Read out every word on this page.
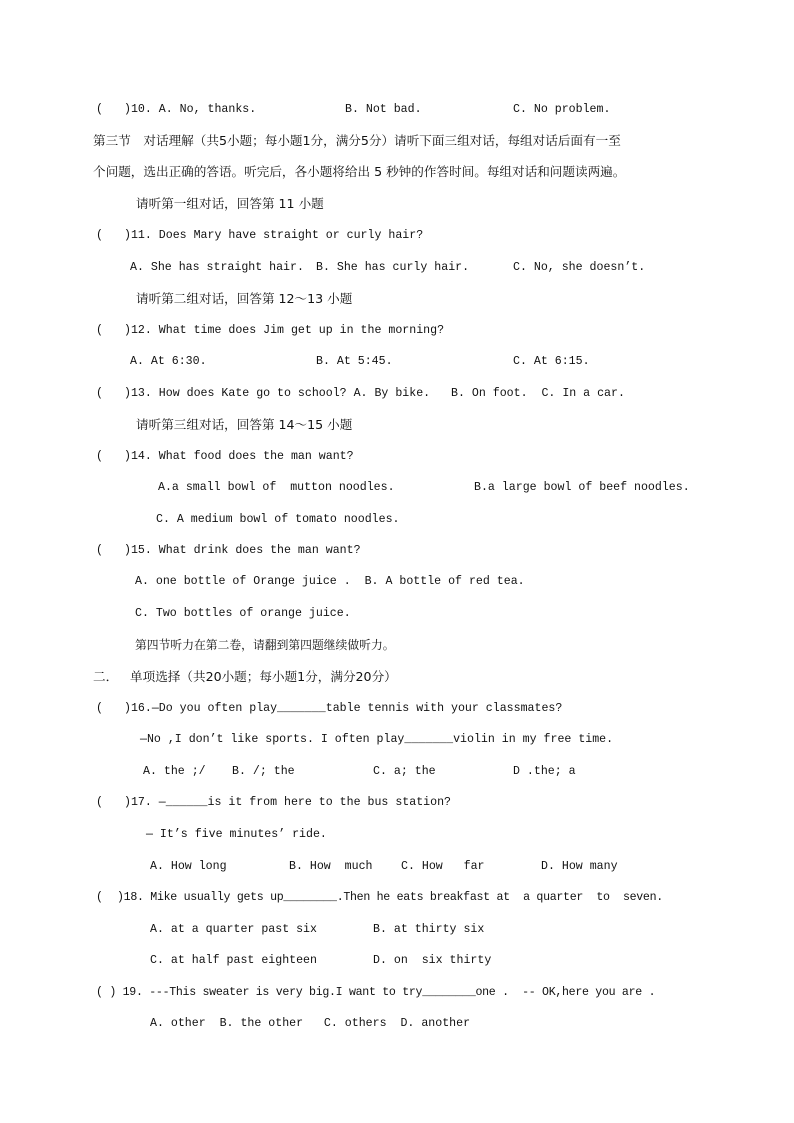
( )10. A. No, thanks.	B. Not bad.	C. No problem.
第三节　对话理解（共5小题；每小题1分，满分5分）请听下面三组对话，每组对话后面有一至
个问题，选出正确的答语。听完后，各小题将给出 5 秒钟的作答时间。每组对话和问题读两遍。
请听第一组对话，回答第 11 小题
( )11. Does Mary have straight or curly hair?
A. She has straight hair. B. She has curly hair.	C. No, she doesn’t.
请听第二组对话，回答第 12～13 小题
( )12. What time does Jim get up in the morning?
A. At 6:30.	B. At 5:45.	C. At 6:15.
( )13. How does Kate go to school? A. By bike.   B. On foot.  C. In a car.
请听第三组对话，回答第 14～15 小题
( )14. What food does the man want?
A.a small bowl of  mutton noodles.	B.a large bowl of beef noodles.
C. A medium bowl of tomato noodles.
( )15. What drink does the man want?
A. one bottle of Orange juice .  B. A bottle of red tea.
C. Two bottles of orange juice.
第四节听力在第二卷，请翻到第四题继续做听力。
二． 单项选择（共20小题；每小题1分，满分20分）
( )16.—Do you often play_______table tennis with your classmates?
—No ,I don’t like sports. I often play_______violin in my free time.
A. the ;/ B. /; the	C. a; the	D .the; a
( )17. —______is it from here to the bus station?
— It’s five minutes’ ride.
A. How long	B. How  much C. How   far	D. How many
( )18. Mike usually gets up________.Then he eats breakfast at  a quarter  to  seven.
A. at a quarter past six	B. at thirty six
C. at half past eighteen	D. on  six thirty
( ) 19. ---This sweater is very big.I want to try________one .  -- OK,here you are .
A. other  B. the other   C. others  D. another
